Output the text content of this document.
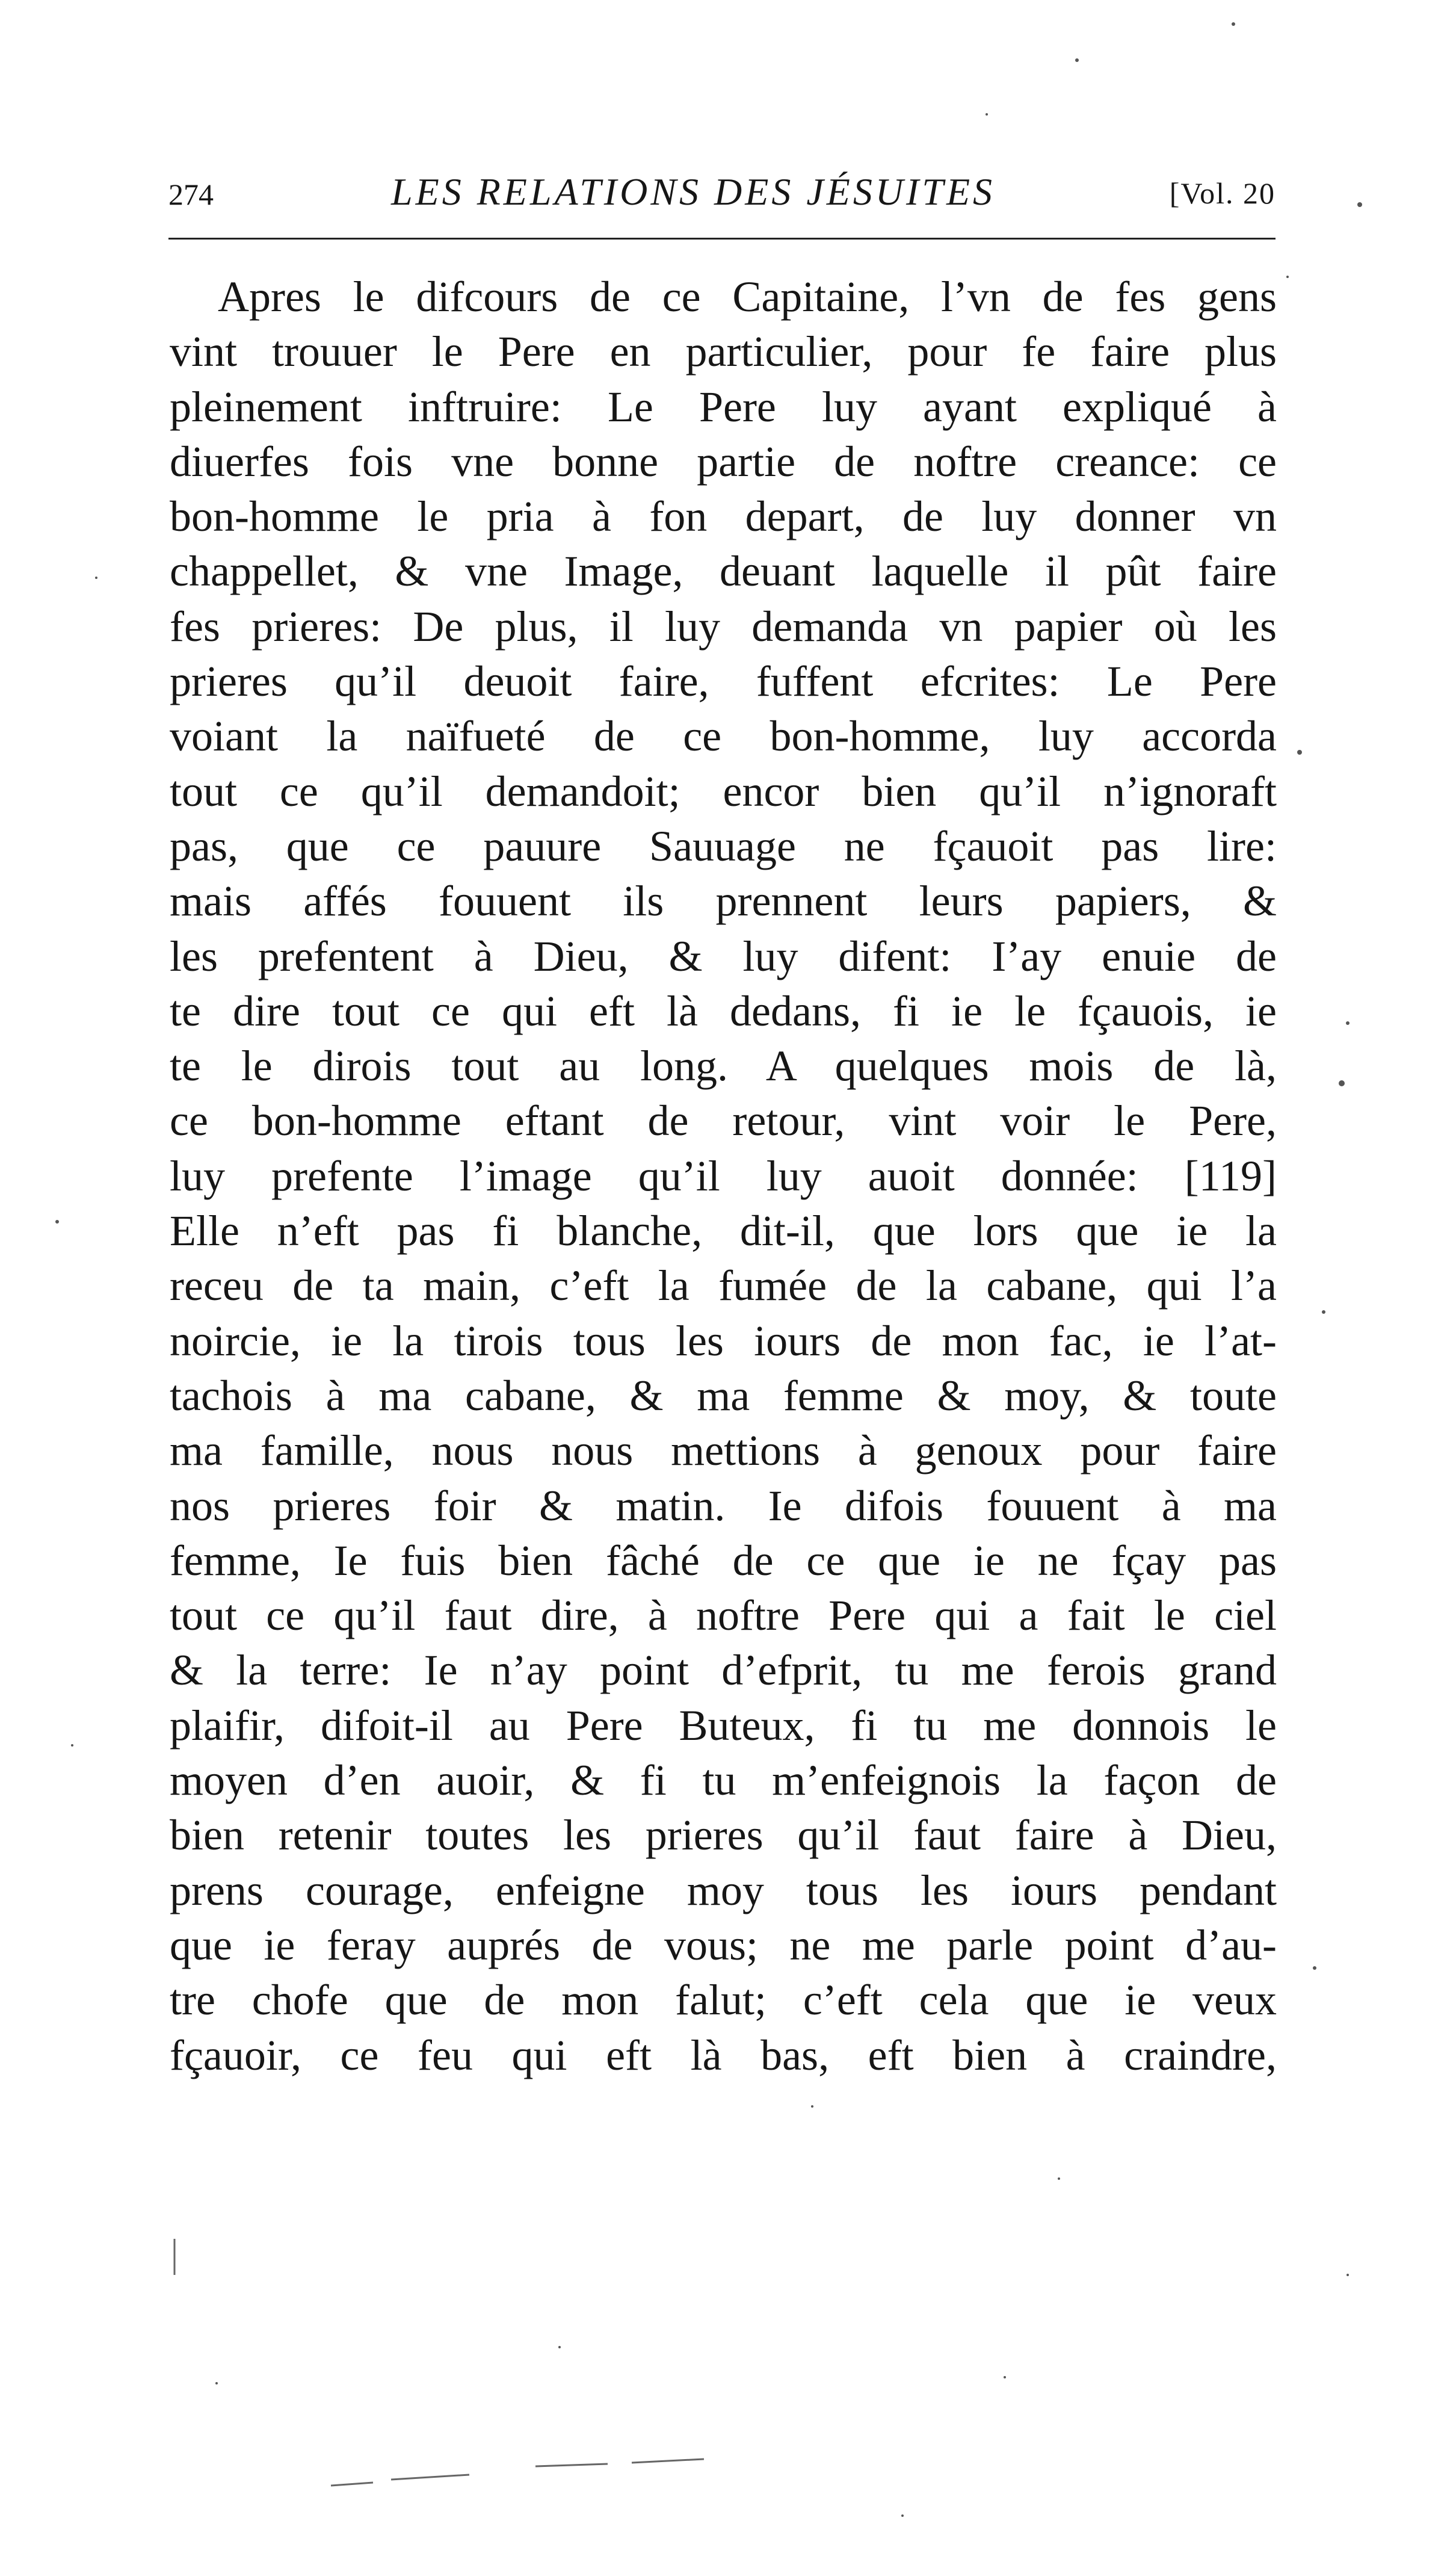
274	LES RELATIONS DES JÉSUITES	[Vol. 20
Apres le difcours de ce Capitaine, l’vn de fes gens
vint trouuer le Pere en particulier, pour fe faire plus
pleinement inftruire: Le Pere luy ayant expliqué à
diuerfes fois vne bonne partie de noftre creance: ce
bon-homme le pria à fon depart, de luy donner vn
chappellet, & vne Image, deuant laquelle il pût faire
fes prieres: De plus, il luy demanda vn papier où les
prieres qu’il deuoit faire, fuffent efcrites: Le Pere
voiant la naïfueté de ce bon-homme, luy accorda
tout ce qu’il demandoit; encor bien qu’il n’ignoraft
pas, que ce pauure Sauuage ne fçauoit pas lire:
mais affés fouuent ils prennent leurs papiers, &
les prefentent à Dieu, & luy difent: I’ay enuie de
te dire tout ce qui eft là dedans, fi ie le fçauois, ie
te le dirois tout au long. A quelques mois de là,
ce bon-homme eftant de retour, vint voir le Pere,
luy prefente l’image qu’il luy auoit donnée: [119]
Elle n’eft pas fi blanche, dit-il, que lors que ie la
receu de ta main, c’eft la fumée de la cabane, qui l’a
noircie, ie la tirois tous les iours de mon fac, ie l’at-
tachois à ma cabane, & ma femme & moy, & toute
ma famille, nous nous mettions à genoux pour faire
nos prieres foir & matin. Ie difois fouuent à ma
femme, Ie fuis bien fâché de ce que ie ne fçay pas
tout ce qu’il faut dire, à noftre Pere qui a fait le ciel
& la terre: Ie n’ay point d’efprit, tu me ferois grand
plaifir, difoit-il au Pere Buteux, fi tu me donnois le
moyen d’en auoir, & fi tu m’enfeignois la façon de
bien retenir toutes les prieres qu’il faut faire à Dieu,
prens courage, enfeigne moy tous les iours pendant
que ie feray auprés de vous; ne me parle point d’au-
tre chofe que de mon falut; c’eft cela que ie veux
fçauoir, ce feu qui eft là bas, eft bien à craindre,
